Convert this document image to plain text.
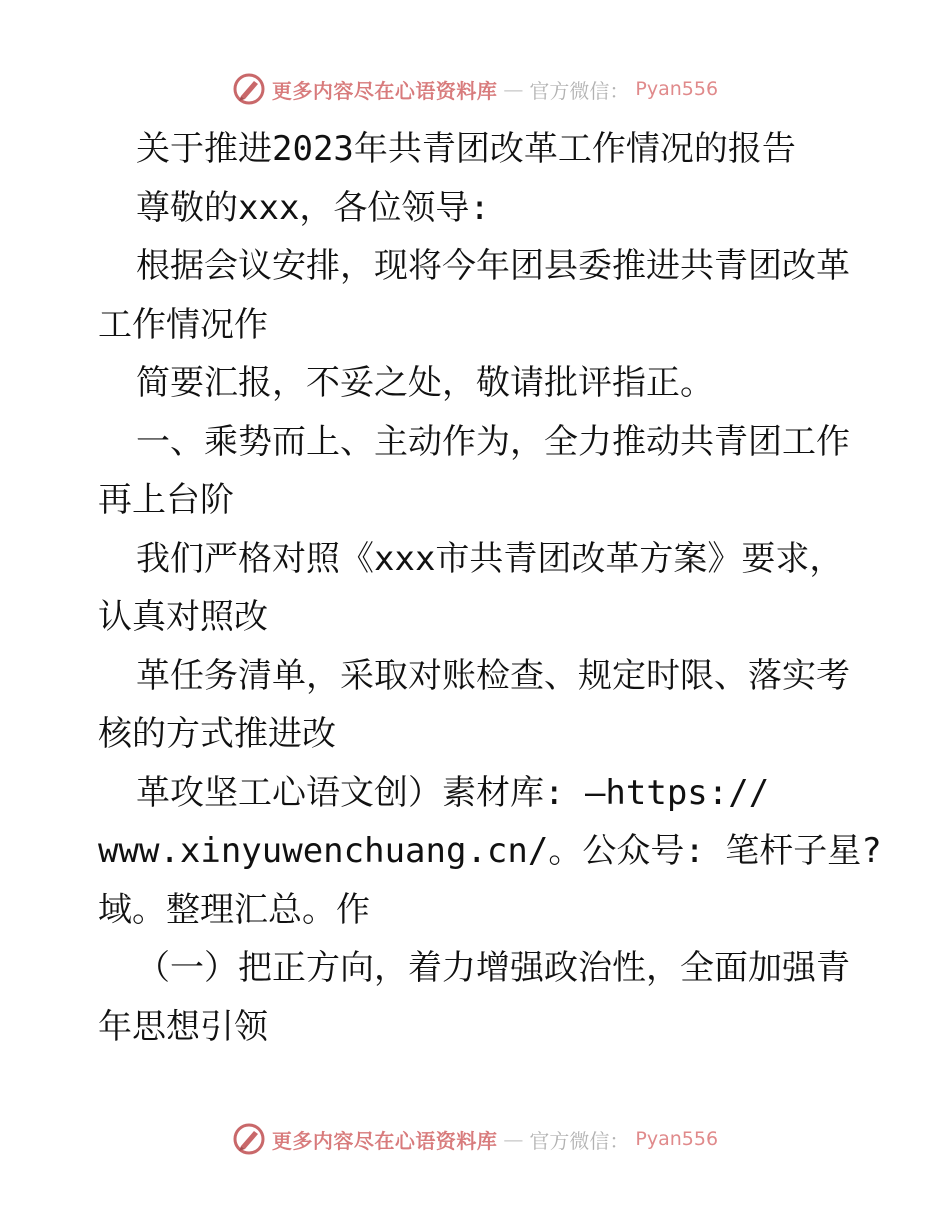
更多内容尽在心语资料库 — 官方微信： Pyan556
关于推进2023年共青团改革工作情况的报告
尊敬的xxx，各位领导:
根据会议安排，现将今年团县委推进共青团改革
工作情况作
简要汇报，不妥之处，敬请批评指正。
一、乘势而上、主动作为，全力推动共青团工作
再上台阶
我们严格对照《xxx市共青团改革方案》要求，
认真对照改
革任务清单，采取对账检查、规定时限、落实考
核的方式推进改
革攻坚工心语文创）素材库: —https://
www.xinyuwenchuang.cn/。公众号: 笔杆子星?
域。整理汇总。作
（一）把正方向，着力增强政治性，全面加强青
年思想引领
更多内容尽在心语资料库 — 官方微信： Pyan556
